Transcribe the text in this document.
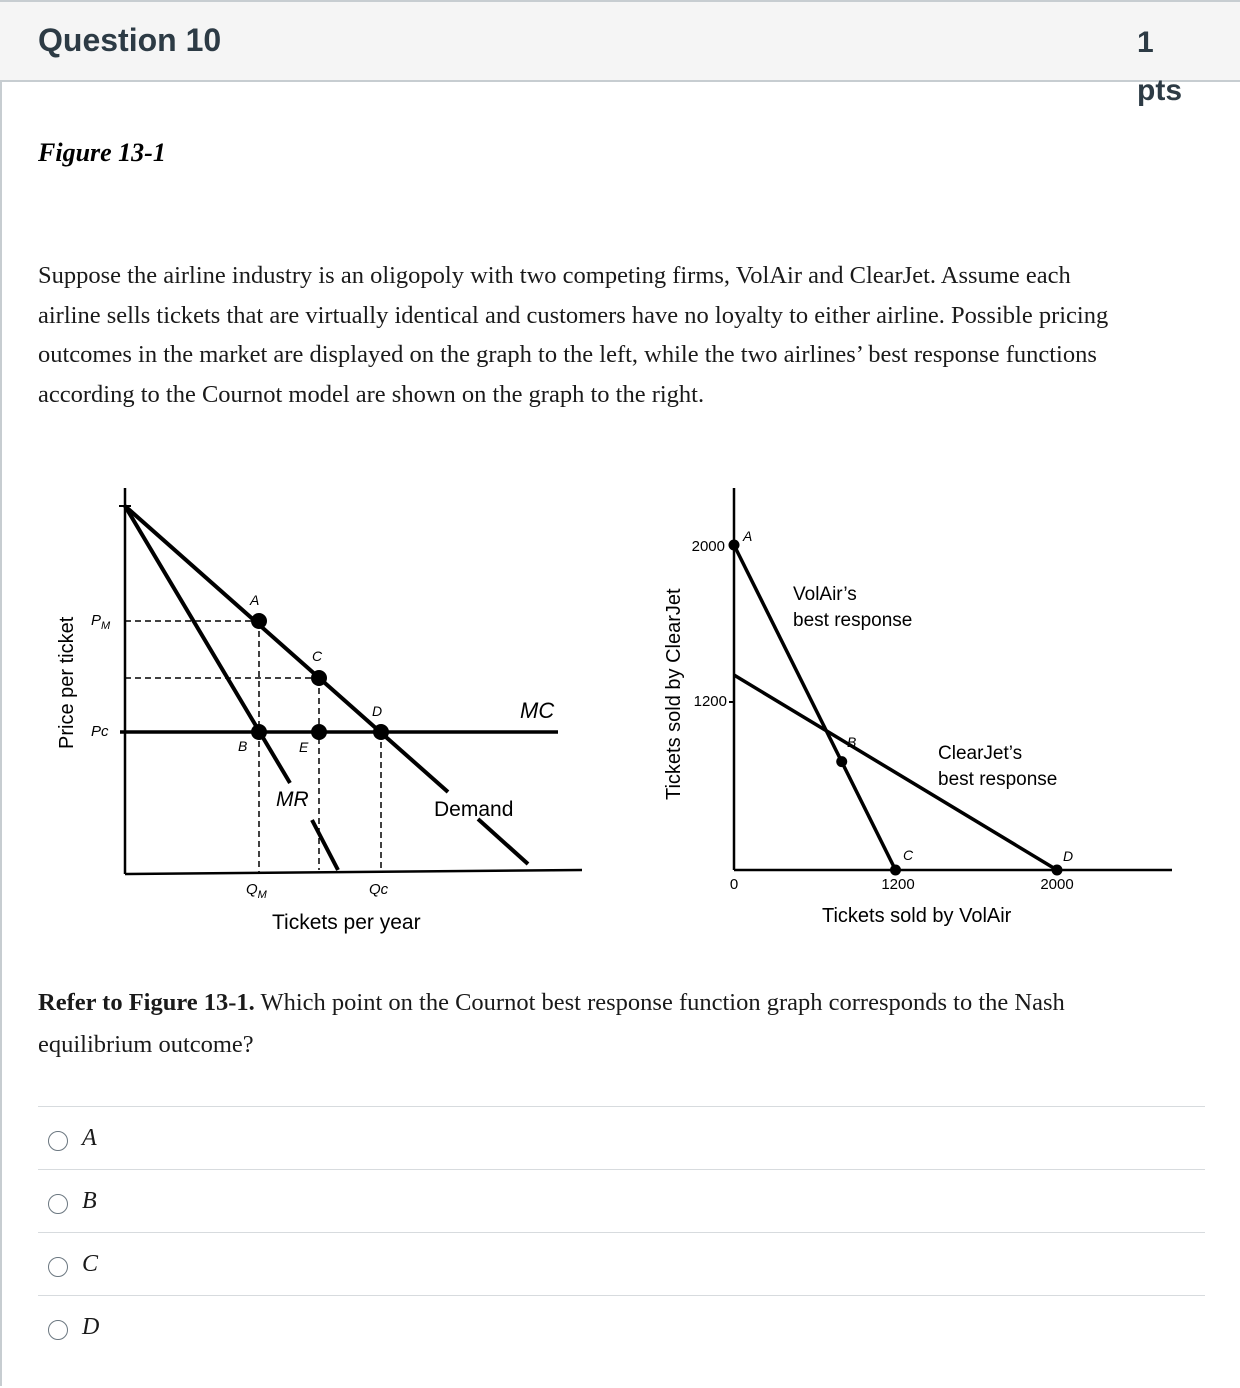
Question 10	1
pts
Figure 13-1
Suppose the airline industry is an oligopoly with two competing firms, VolAir and ClearJet. Assume each
airline sells tickets that are virtually identical and customers have no loyalty to either airline. Possible pricing
outcomes in the market are displayed on the graph to the left, while the two airlines’ best response functions
according to the Cournot model are shown on the graph to the right.
A
C
D
B	E
MC
MR	Demand
$P_M$
Pc
$Q_M$	Qc
Tickets per year
Price per ticket
2000
1200
0	1200	2000
A
B
C	D
VolAir’s best response
ClearJet’s best response
Tickets sold by VolAir
Tickets sold by ClearJet
Refer to Figure 13-1. Which point on the Cournot best response function graph corresponds to the Nash
equilibrium outcome?
A
B
C
D
